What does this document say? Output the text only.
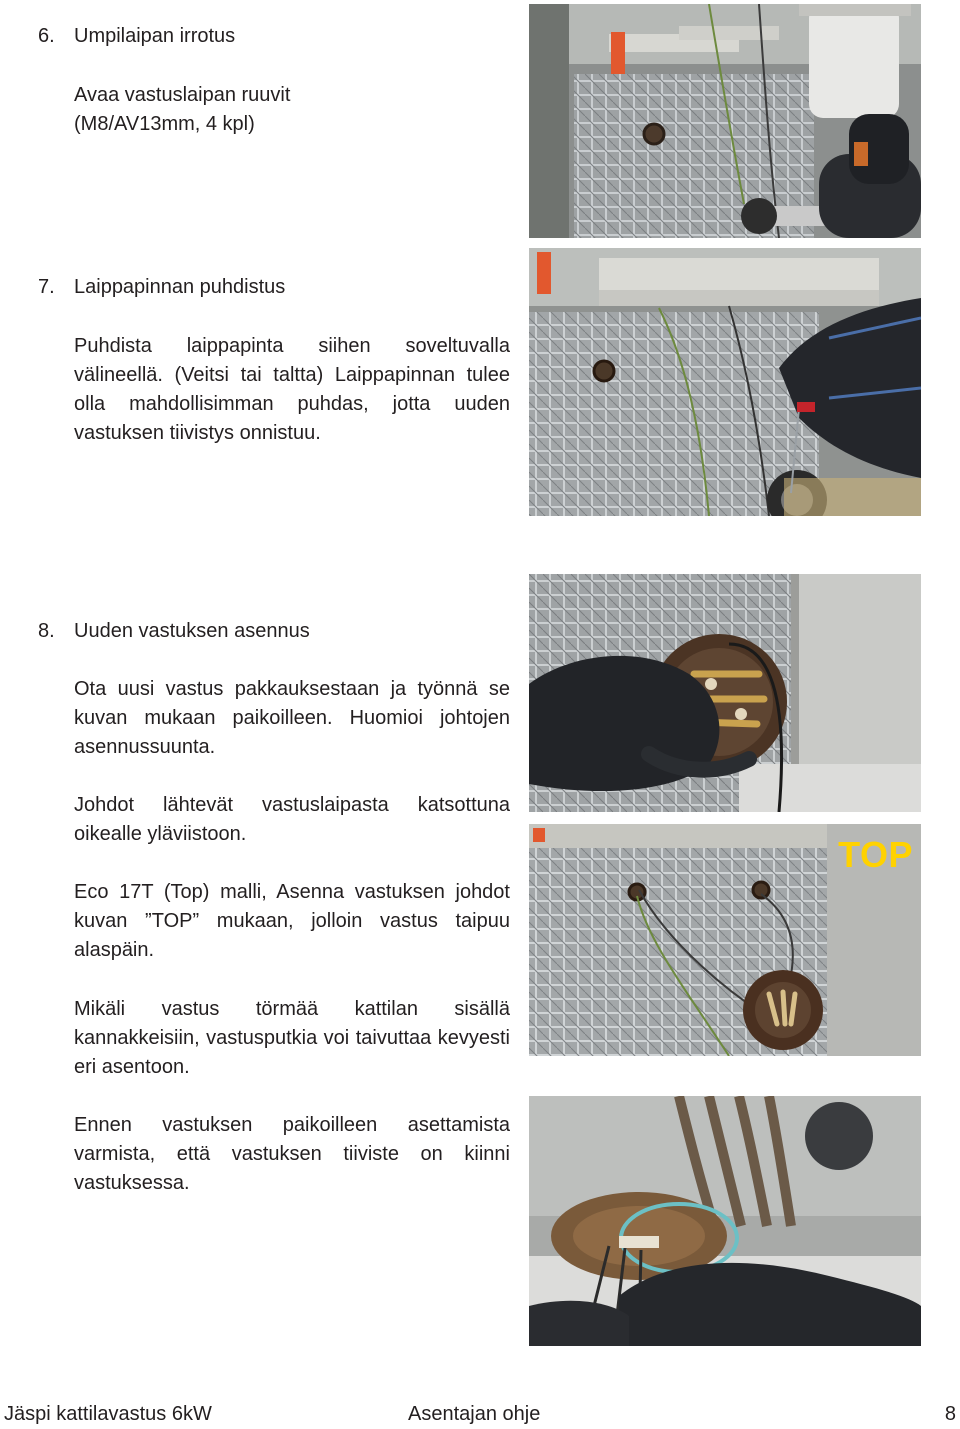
6. Umpilaipan irrotus
Avaa vastuslaipan ruuvit (M8/AV13mm, 4 kpl)
7. Laippapinnan puhdistus
Puhdista laippapinta siihen soveltuvalla välineellä. (Veitsi tai taltta) Laippapinnan tulee olla mahdollisimman puhdas, jotta uuden vastuksen tiivistys onnistuu.
8. Uuden vastuksen asennus
Ota uusi vastus pakkauksestaan ja työnnä se kuvan mukaan paikoilleen. Huomioi johtojen asennussuunta.
Johdot lähtevät vastuslaipasta katsottuna oikealle yläviistoon.
Eco 17T (Top) malli, Asenna vastuksen johdot kuvan ”TOP” mukaan, jolloin vastus taipuu alaspäin.
Mikäli vastus törmää kattilan sisällä kannakkeisiin, vastusputkia voi taivuttaa kevyesti eri asentoon.
Ennen vastuksen paikoilleen asettamista varmista, että vastuksen tiiviste on kiinni vastuksessa.
TOP
Jäspi kattilavastus 6kW	Asentajan ohje	8
